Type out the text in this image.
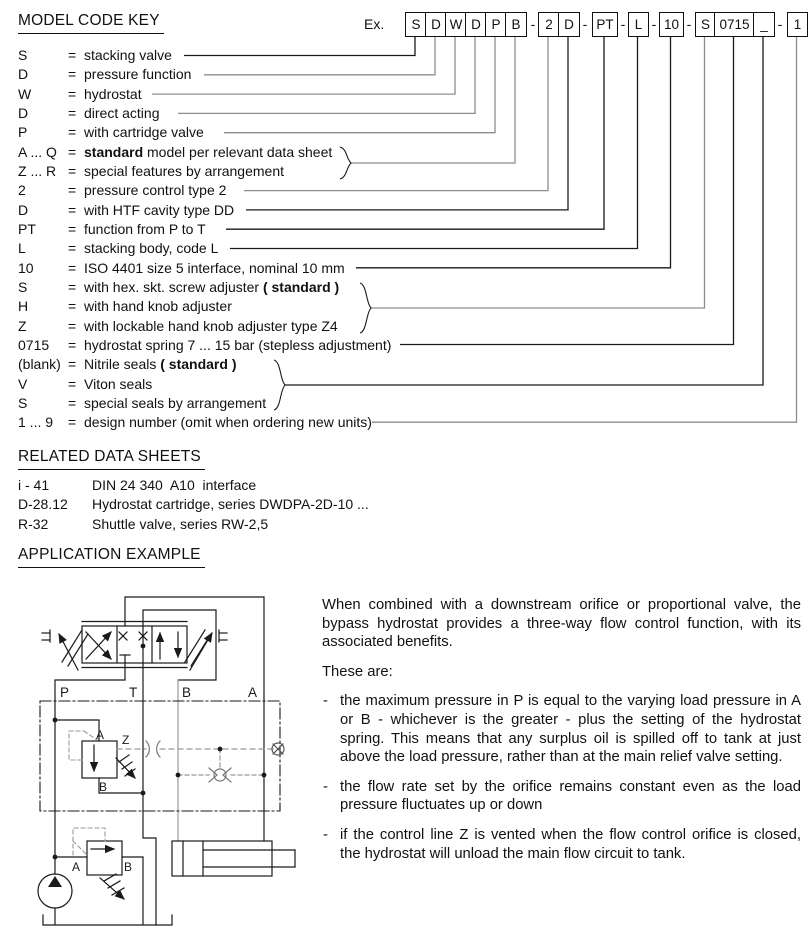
MODEL CODE KEY	Ex.	S D W D P B - 2 D - PT - L - 10 - S 0715 _ - 1
S	= stacking valve
D	= pressure function
W	= hydrostat
D	= direct acting
P	= with cartridge valve
A ... Q = standard model per relevant data sheet
Z ... R = special features by arrangement
2	= pressure control type 2
D	= with HTF cavity type DD
PT	= function from P to T
L	= stacking body, code L
10	= ISO 4401 size 5 interface, nominal 10 mm
S	= with hex. skt. screw adjuster ( standard )
H	= with hand knob adjuster
Z	= with lockable hand knob adjuster type Z4
0715	= hydrostat spring 7 ... 15 bar (stepless adjustment)
(blank) = Nitrile seals ( standard )
V	= Viton seals
S	= special seals by arrangement
1 ... 9	= design number (omit when ordering new units)
RELATED DATA SHEETS
i - 41	DIN 24 340  A10  interface
D-28.12	Hydrostat cartridge, series DWDPA-2D-10 ...
R-32	Shuttle valve, series RW-2,5
APPLICATION EXAMPLE
P	T	B	A
A Z
B
A	B

When combined with a downstream orifice or proportional valve, the bypass hydrostat provides a three-way flow control function, with its associated benefits.

These are:

- the maximum pressure in P is equal to the varying load pressure in A or B - whichever is the greater - plus the setting of the hydrostat spring. This means that any surplus oil is spilled off to tank at just above the load pressure, rather than at the main relief valve setting.

- the flow rate set by the orifice remains constant even as the load pressure fluctuates up or down

- if the control line Z is vented when the flow control orifice is closed, the hydrostat will unload the main flow circuit to tank.
